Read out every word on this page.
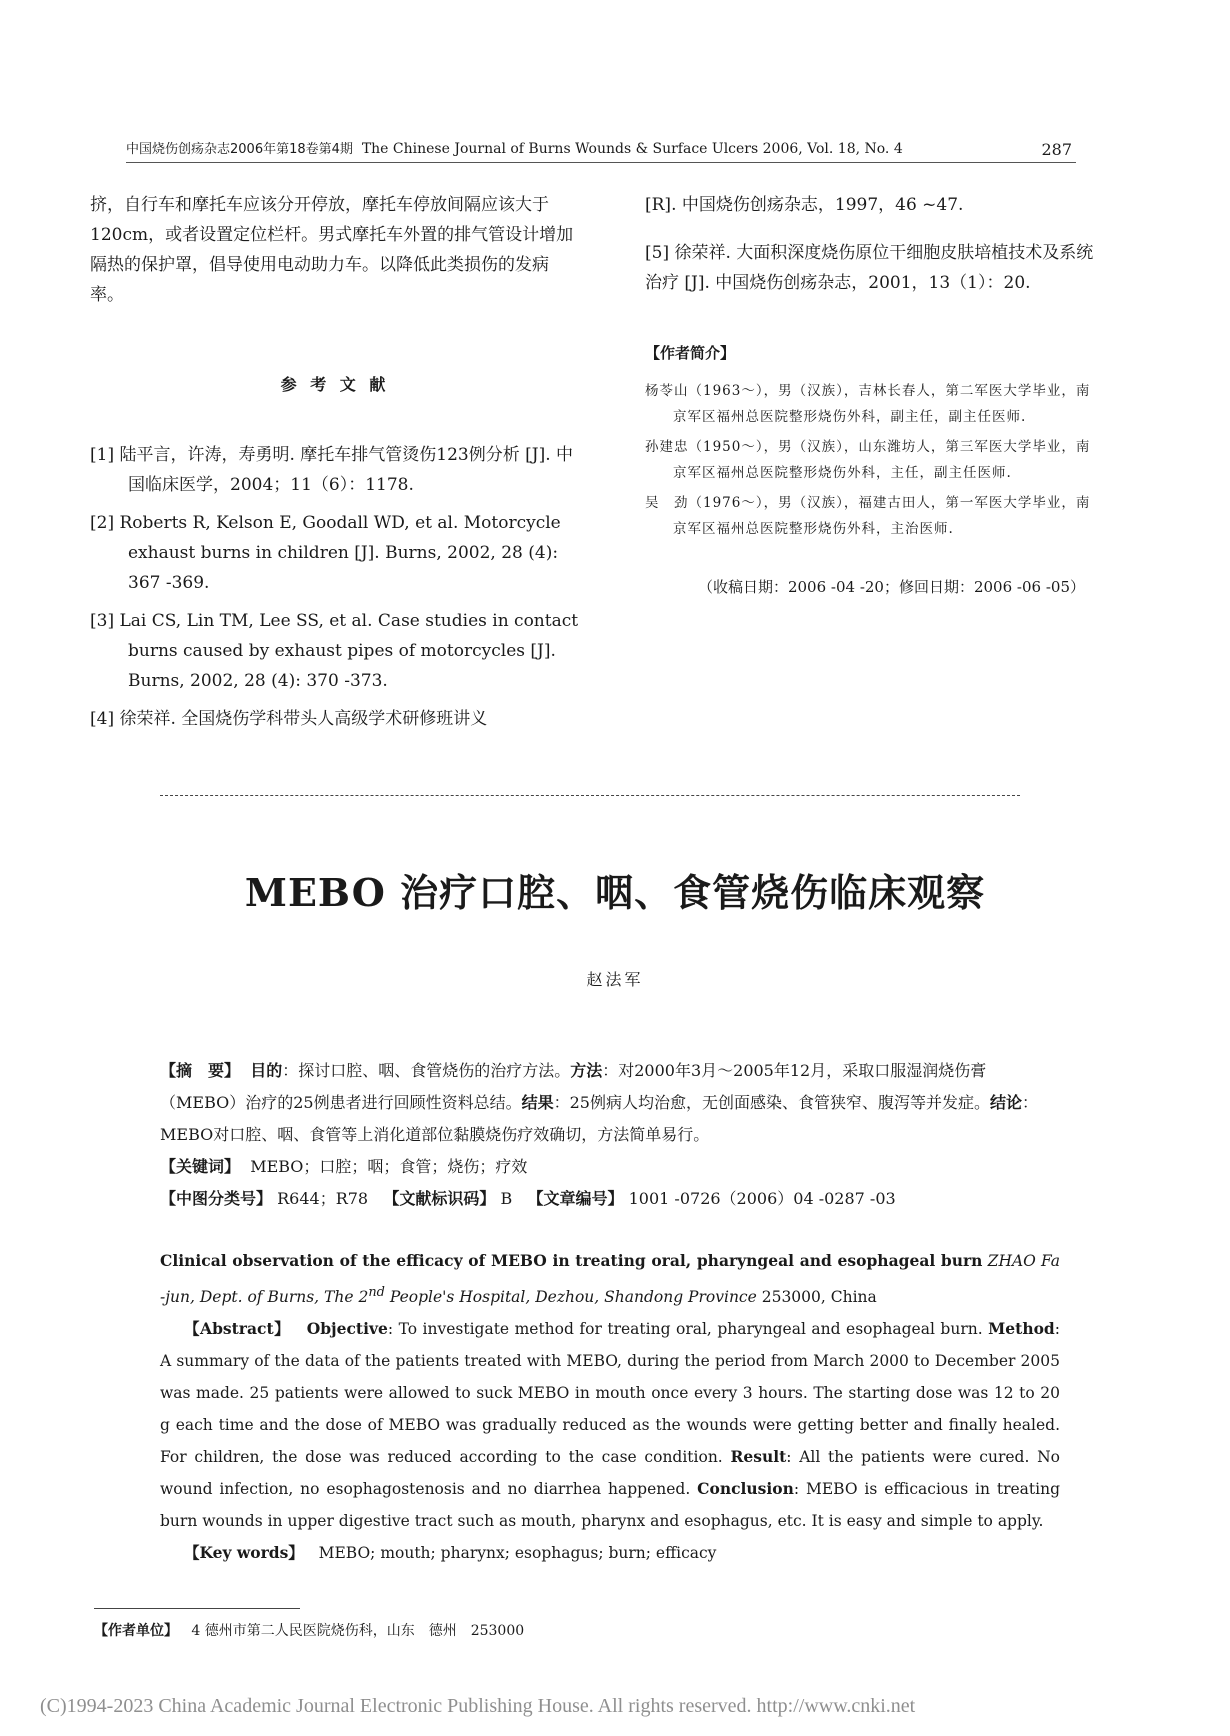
中国烧伤创疡杂志2006年第18卷第4期 The Chinese Journal of Burns Wounds & Surface Ulcers 2006, Vol. 18, No. 4	287

挤，自行车和摩托车应该分开停放，摩托车停放间隔应该大于120cm，或者设置定位栏杆。男式摩托车外置的排气管设计增加隔热的保护罩，倡导使用电动助力车。以降低此类损伤的发病率。

参 考 文 献

[1] 陆平言，许涛，寿勇明. 摩托车排气管烫伤123例分析 [J]. 中国临床医学，2004；11（6）：1178.

[2] Roberts R, Kelson E, Goodall WD, et al. Motorcycle exhaust burns in children [J]. Burns, 2002, 28 (4): 367 -369.

[3] Lai CS, Lin TM, Lee SS, et al. Case studies in contact burns caused by exhaust pipes of motorcycles [J]. Burns, 2002, 28 (4): 370 -373.

[4] 徐荣祥. 全国烧伤学科带头人高级学术研修班讲义

[R]. 中国烧伤创疡杂志，1997，46 ~47.

[5] 徐荣祥. 大面积深度烧伤原位干细胞皮肤培植技术及系统治疗 [J]. 中国烧伤创疡杂志，2001，13（1）：20.

【作者简介】

杨苓山（1963～），男（汉族），吉林长春人，第二军医大学毕业，南京军区福州总医院整形烧伤外科，副主任，副主任医师.

孙建忠（1950～），男（汉族），山东潍坊人，第三军医大学毕业，南京军区福州总医院整形烧伤外科，主任，副主任医师.

吴　劲（1976～），男（汉族），福建古田人，第一军医大学毕业，南京军区福州总医院整形烧伤外科，主治医师.

（收稿日期：2006 -04 -20；修回日期：2006 -06 -05）
MEBO 治疗口腔、咽、食管烧伤临床观察
赵法军
【摘　要】 目的：探讨口腔、咽、食管烧伤的治疗方法。方法：对2000年3月～2005年12月，采取口服湿润烧伤膏（MEBO）治疗的25例患者进行回顾性资料总结。结果：25例病人均治愈，无创面感染、食管狭窄、腹泻等并发症。结论：MEBO对口腔、咽、食管等上消化道部位黏膜烧伤疗效确切，方法简单易行。
【关键词】 MEBO；口腔；咽；食管；烧伤；疗效
【中图分类号】 R644；R78 【文献标识码】 B 【文章编号】 1001 -0726（2006）04 -0287 -03
Clinical observation of the efficacy of MEBO in treating oral, pharyngeal and esophageal burn ZHAO Fa -jun, Dept. of Burns, The 2nd People's Hospital, Dezhou, Shandong Province 253000, China
【Abstract】 Objective: To investigate method for treating oral, pharyngeal and esophageal burn. Method: A summary of the data of the patients treated with MEBO, during the period from March 2000 to December 2005 was made. 25 patients were allowed to suck MEBO in mouth once every 3 hours. The starting dose was 12 to 20 g each time and the dose of MEBO was gradually reduced as the wounds were getting better and finally healed. For children, the dose was reduced according to the case condition. Result: All the patients were cured. No wound infection, no esophagostenosis and no diarrhea happened. Conclusion: MEBO is efficacious in treating burn wounds in upper digestive tract such as mouth, pharynx and esophagus, etc. It is easy and simple to apply.
【Key words】 MEBO; mouth; pharynx; esophagus; burn; efficacy
【作者单位】 4 德州市第二人民医院烧伤科，山东　德州　253000
(C)1994-2023 China Academic Journal Electronic Publishing House. All rights reserved. http://www.cnki.net
